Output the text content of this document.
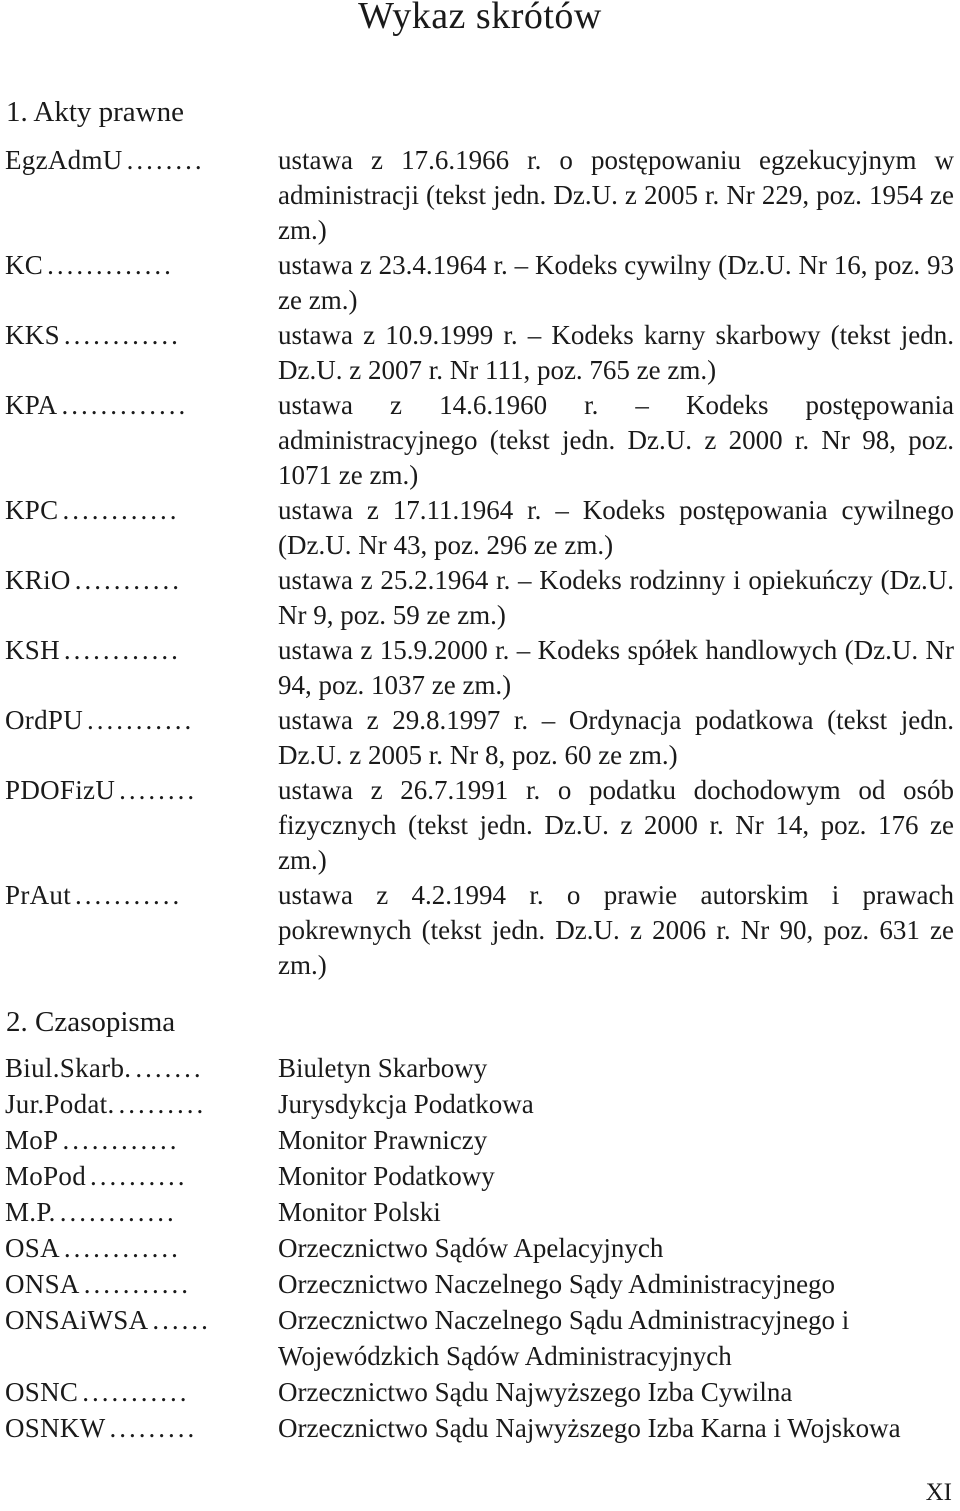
Wykaz skrótów
1. Akty prawne
EgzAdmU ........	ustawa z 17.6.1966 r. o postępowaniu egzekucyjnym w administracji (tekst jedn. Dz.U. z 2005 r. Nr 229, poz. 1954 ze zm.)
KC .............	ustawa z 23.4.1964 r. – Kodeks cywilny (Dz.U. Nr 16, poz. 93 ze zm.)
KKS ............	ustawa z 10.9.1999 r. – Kodeks karny skarbowy (tekst jedn. Dz.U. z 2007 r. Nr 111, poz. 765 ze zm.)
KPA .............	ustawa z 14.6.1960 r. – Kodeks postępowania administracyjnego (tekst jedn. Dz.U. z 2000 r. Nr 98, poz. 1071 ze zm.)
KPC ............	ustawa z 17.11.1964 r. – Kodeks postępowania cywilnego (Dz.U. Nr 43, poz. 296 ze zm.)
KRiO ...........	ustawa z 25.2.1964 r. – Kodeks rodzinny i opiekuńczy (Dz.U. Nr 9, poz. 59 ze zm.)
KSH ............	ustawa z 15.9.2000 r. – Kodeks spółek handlowych (Dz.U. Nr 94, poz. 1037 ze zm.)
OrdPU ...........	ustawa z 29.8.1997 r. – Ordynacja podatkowa (tekst jedn. Dz.U. z 2005 r. Nr 8, poz. 60 ze zm.)
PDOFizU ........	ustawa z 26.7.1991 r. o podatku dochodowym od osób fizycznych (tekst jedn. Dz.U. z 2000 r. Nr 14, poz. 176 ze zm.)
PrAut ...........	ustawa z 4.2.1994 r. o prawie autorskim i prawach pokrewnych (tekst jedn. Dz.U. z 2006 r. Nr 90, poz. 631 ze zm.)
2. Czasopisma
Biul.Skarb. .......	Biuletyn Skarbowy
Jur.Podat. .........	Jurysdykcja Podatkowa
MoP ............	Monitor Prawniczy
MoPod ..........	Monitor Podatkowy
M.P. ............	Monitor Polski
OSA ............	Orzecznictwo Sądów Apelacyjnych
ONSA ...........	Orzecznictwo Naczelnego Sądy Administracyjnego
ONSAiWSA ......	Orzecznictwo Naczelnego Sądu Administracyjnego i Wojewódzkich Sądów Administracyjnych
OSNC ...........	Orzecznictwo Sądu Najwyższego Izba Cywilna
OSNKW .........	Orzecznictwo Sądu Najwyższego Izba Karna i Wojskowa
XI
